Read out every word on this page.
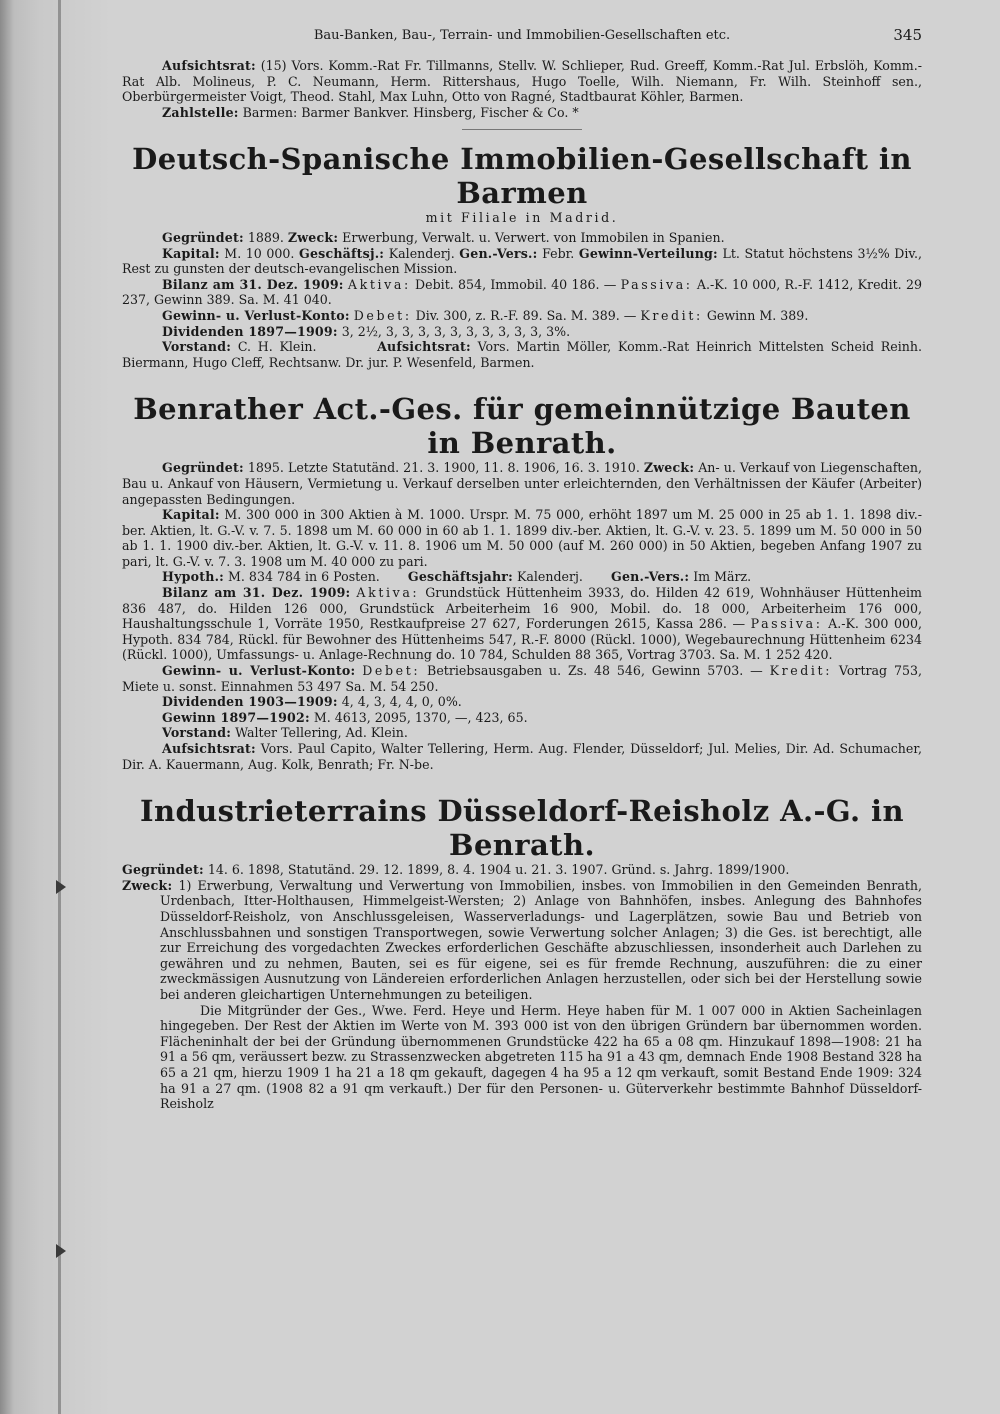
Bau-Banken, Bau-, Terrain- und Immobilien-Gesellschaften etc.	345

Aufsichtsrat: (15) Vors. Komm.-Rat Fr. Tillmanns, Stellv. W. Schlieper, Rud. Greeff, Komm.-Rat Jul. Erbslöh, Komm.-Rat Alb. Molineus, P. C. Neumann, Herm. Rittershaus, Hugo Toelle, Wilh. Niemann, Fr. Wilh. Steinhoff sen., Oberbürgermeister Voigt, Theod. Stahl, Max Luhn, Otto von Ragné, Stadtbaurat Köhler, Barmen.

Zahlstelle: Barmen: Barmer Bankver. Hinsberg, Fischer & Co. *

Deutsch-Spanische Immobilien-Gesellschaft in Barmen
mit Filiale in Madrid.

Gegründet: 1889. Zweck: Erwerbung, Verwalt. u. Verwert. von Immobilen in Spanien.

Kapital: M. 10 000. Geschäftsj.: Kalenderj. Gen.-Vers.: Febr. Gewinn-Verteilung: Lt. Statut höchstens 3½% Div., Rest zu gunsten der deutsch-evangelischen Mission.

Bilanz am 31. Dez. 1909: Aktiva: Debit. 854, Immobil. 40 186. — Passiva: A.-K. 10 000, R.-F. 1412, Kredit. 29 237, Gewinn 389. Sa. M. 41 040.

Gewinn- u. Verlust-Konto: Debet: Div. 300, z. R.-F. 89. Sa. M. 389. — Kredit: Gewinn M. 389.

Dividenden 1897—1909: 3, 2½, 3, 3, 3, 3, 3, 3, 3, 3, 3, 3, 3%.

Vorstand: C. H. Klein.	Aufsichtsrat: Vors. Martin Möller, Komm.-Rat Heinrich Mittelsten Scheid Reinh. Biermann, Hugo Cleff, Rechtsanw. Dr. jur. P. Wesenfeld, Barmen.

Benrather Act.-Ges. für gemeinnützige Bauten in Benrath.

Gegründet: 1895. Letzte Statutänd. 21. 3. 1900, 11. 8. 1906, 16. 3. 1910. Zweck: An- u. Verkauf von Liegenschaften, Bau u. Ankauf von Häusern, Vermietung u. Verkauf derselben unter erleichternden, den Verhältnissen der Käufer (Arbeiter) angepassten Bedingungen.

Kapital: M. 300 000 in 300 Aktien à M. 1000. Urspr. M. 75 000, erhöht 1897 um M. 25 000 in 25 ab 1. 1. 1898 div.-ber. Aktien, lt. G.-V. v. 7. 5. 1898 um M. 60 000 in 60 ab 1. 1. 1899 div.-ber. Aktien, lt. G.-V. v. 23. 5. 1899 um M. 50 000 in 50 ab 1. 1. 1900 div.-ber. Aktien, lt. G.-V. v. 11. 8. 1906 um M. 50 000 (auf M. 260 000) in 50 Aktien, begeben Anfang 1907 zu pari, lt. G.-V. v. 7. 3. 1908 um M. 40 000 zu pari.

Hypoth.: M. 834 784 in 6 Posten.       Geschäftsjahr: Kalenderj.       Gen.-Vers.: Im März.

Bilanz am 31. Dez. 1909: Aktiva: Grundstück Hüttenheim 3933, do. Hilden 42 619, Wohnhäuser Hüttenheim 836 487, do. Hilden 126 000, Grundstück Arbeiterheim 16 900, Mobil. do. 18 000, Arbeiterheim 176 000, Haushaltungsschule 1, Vorräte 1950, Restkaufpreise 27 627, Forderungen 2615, Kassa 286. — Passiva: A.-K. 300 000, Hypoth. 834 784, Rückl. für Bewohner des Hüttenheims 547, R.-F. 8000 (Rückl. 1000), Wegebaurechnung Hüttenheim 6234 (Rückl. 1000), Umfassungs- u. Anlage-Rechnung do. 10 784, Schulden 88 365, Vortrag 3703. Sa. M. 1 252 420.

Gewinn- u. Verlust-Konto: Debet: Betriebsausgaben u. Zs. 48 546, Gewinn 5703. — Kredit: Vortrag 753, Miete u. sonst. Einnahmen 53 497 Sa. M. 54 250.

Dividenden 1903—1909: 4, 4, 3, 4, 4, 0, 0%.

Gewinn 1897—1902: M. 4613, 2095, 1370, —, 423, 65.

Vorstand: Walter Tellering, Ad. Klein.

Aufsichtsrat: Vors. Paul Capito, Walter Tellering, Herm. Aug. Flender, Düsseldorf; Jul. Melies, Dir. Ad. Schumacher, Dir. A. Kauermann, Aug. Kolk, Benrath; Fr. N-be.

Industrieterrains Düsseldorf-Reisholz A.-G. in Benrath.

Gegründet: 14. 6. 1898, Statutänd. 29. 12. 1899, 8. 4. 1904 u. 21. 3. 1907. Gründ. s. Jahrg. 1899/1900.

Zweck: 1) Erwerbung, Verwaltung und Verwertung von Immobilien, insbes. von Immobilien in den Gemeinden Benrath, Urdenbach, Itter-Holthausen, Himmelgeist-Wersten; 2) Anlage von Bahnhöfen, insbes. Anlegung des Bahnhofes Düsseldorf-Reisholz, von Anschlussgeleisen, Wasserverladungs- und Lagerplätzen, sowie Bau und Betrieb von Anschlussbahnen und sonstigen Transportwegen, sowie Verwertung solcher Anlagen; 3) die Ges. ist berechtigt, alle zur Erreichung des vorgedachten Zweckes erforderlichen Geschäfte abzuschliessen, insonderheit auch Darlehen zu gewähren und zu nehmen, Bauten, sei es für eigene, sei es für fremde Rechnung, auszuführen: die zu einer zweckmässigen Ausnutzung von Ländereien erforderlichen Anlagen herzustellen, oder sich bei der Herstellung sowie bei anderen gleichartigen Unternehmungen zu beteiligen.

Die Mitgründer der Ges., Wwe. Ferd. Heye und Herm. Heye haben für M. 1 007 000 in Aktien Sacheinlagen hingegeben. Der Rest der Aktien im Werte von M. 393 000 ist von den übrigen Gründern bar übernommen worden. Flächeninhalt der bei der Gründung übernommenen Grundstücke 422 ha 65 a 08 qm. Hinzukauf 1898—1908: 21 ha 91 a 56 qm, veräussert bezw. zu Strassenzwecken abgetreten 115 ha 91 a 43 qm, demnach Ende 1908 Bestand 328 ha 65 a 21 qm, hierzu 1909 1 ha 21 a 18 qm gekauft, dagegen 4 ha 95 a 12 qm verkauft, somit Bestand Ende 1909: 324 ha 91 a 27 qm. (1908 82 a 91 qm verkauft.) Der für den Personen- u. Güterverkehr bestimmte Bahnhof Düsseldorf-Reisholz
